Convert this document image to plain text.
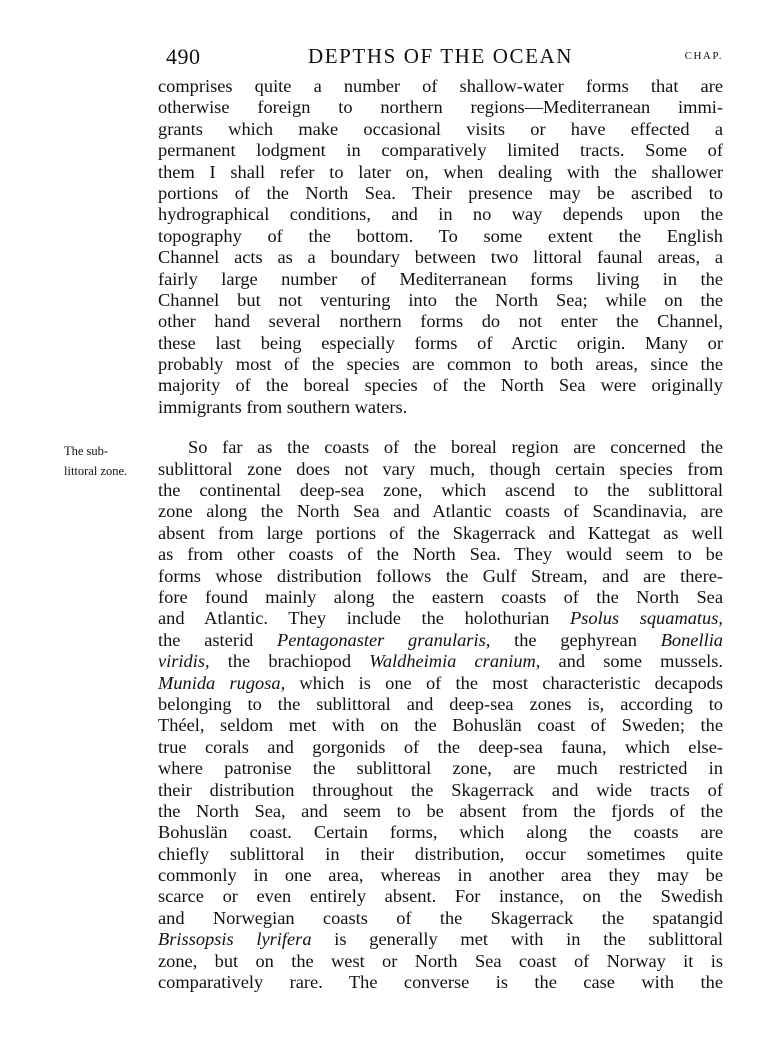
490	DEPTHS OF THE OCEAN	CHAP.
The sub-
littoral zone.
comprises quite a number of shallow-water forms that are
otherwise foreign to northern regions—Mediterranean immi-
grants which make occasional visits or have effected a
permanent lodgment in comparatively limited tracts. Some of
them I shall refer to later on, when dealing with the shallower
portions of the North Sea. Their presence may be ascribed to
hydrographical conditions, and in no way depends upon the
topography of the bottom. To some extent the English
Channel acts as a boundary between two littoral faunal areas, a
fairly large number of Mediterranean forms living in the
Channel but not venturing into the North Sea; while on the
other hand several northern forms do not enter the Channel,
these last being especially forms of Arctic origin. Many or
probably most of the species are common to both areas, since the
majority of the boreal species of the North Sea were originally
immigrants from southern waters.
So far as the coasts of the boreal region are concerned the
sublittoral zone does not vary much, though certain species from
the continental deep-sea zone, which ascend to the sublittoral
zone along the North Sea and Atlantic coasts of Scandinavia, are
absent from large portions of the Skagerrack and Kattegat as well
as from other coasts of the North Sea. They would seem to be
forms whose distribution follows the Gulf Stream, and are there-
fore found mainly along the eastern coasts of the North Sea
and Atlantic. They include the holothurian Psolus squamatus,
the asterid Pentagonaster granularis, the gephyrean Bonellia
viridis, the brachiopod Waldheimia cranium, and some mussels.
Munida rugosa, which is one of the most characteristic decapods
belonging to the sublittoral and deep-sea zones is, according to
Théel, seldom met with on the Bohuslän coast of Sweden; the
true corals and gorgonids of the deep-sea fauna, which else-
where patronise the sublittoral zone, are much restricted in
their distribution throughout the Skagerrack and wide tracts of
the North Sea, and seem to be absent from the fjords of the
Bohuslän coast. Certain forms, which along the coasts are
chiefly sublittoral in their distribution, occur sometimes quite
commonly in one area, whereas in another area they may be
scarce or even entirely absent. For instance, on the Swedish
and Norwegian coasts of the Skagerrack the spatangid
Brissopsis lyrifera is generally met with in the sublittoral
zone, but on the west or North Sea coast of Norway it is
comparatively rare. The converse is the case with the
